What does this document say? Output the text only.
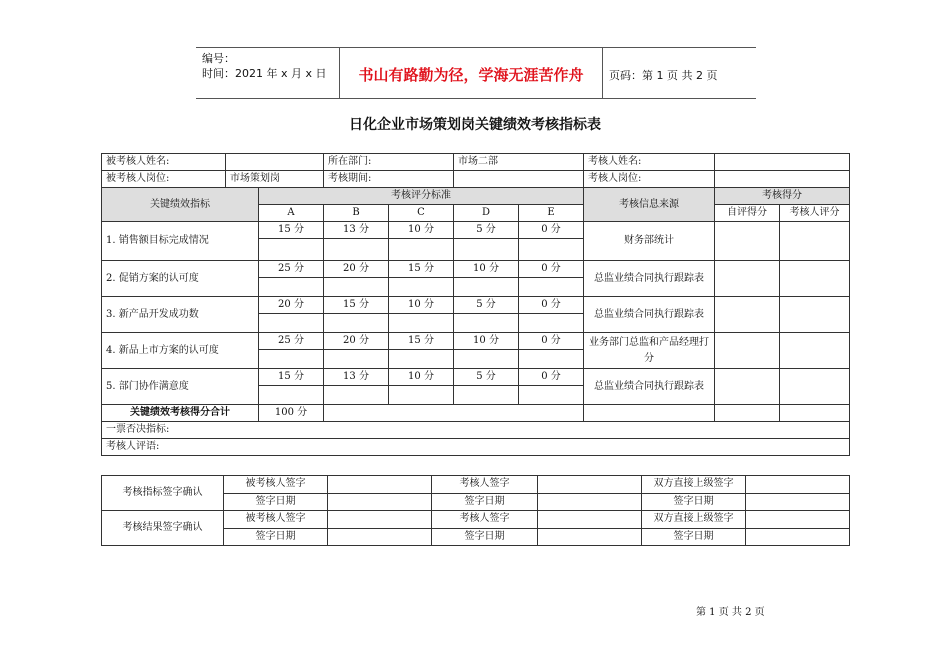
编号：
时间：2021 年 x 月 x 日	书山有路勤为径，学海无涯苦作舟	页码：第 1 页 共 2 页
日化企业市场策划岗关键绩效考核指标表
被考核人姓名:			所在部门:		市场二部		考核人姓名:		
被考核人岗位:	市场策划岗		考核期间:				考核人岗位:		
关键绩效指标		考核评分标准					考核信息来源	考核得分	
		A	B	C	D	E		自评得分	考核人评分
1. 销售额目标完成情况		15 分	13 分	10 分	5 分	0 分	财务部统计		

2. 促销方案的认可度		25 分	20 分	15 分	10 分	0 分	总监业绩合同执行跟踪表		

3. 新产品开发成功数		20 分	15 分	10 分	5 分	0 分	总监业绩合同执行跟踪表		

4. 新品上市方案的认可度		25 分	20 分	15 分	10 分	0 分	业务部门总监和产品经理打分		

5. 部门协作满意度		15 分	13 分	10 分	5 分	0 分	总监业绩合同执行跟踪表		

关键绩效考核得分合计		100 分							
一票否决指标:									
考核人评语:									
考核指标签字确认	被考核人签字		考核人签字		双方直接上级签字	
	签字日期		签字日期		签字日期	
考核结果签字确认	被考核人签字		考核人签字		双方直接上级签字	
	签字日期		签字日期		签字日期	
第 1 页 共 2 页
